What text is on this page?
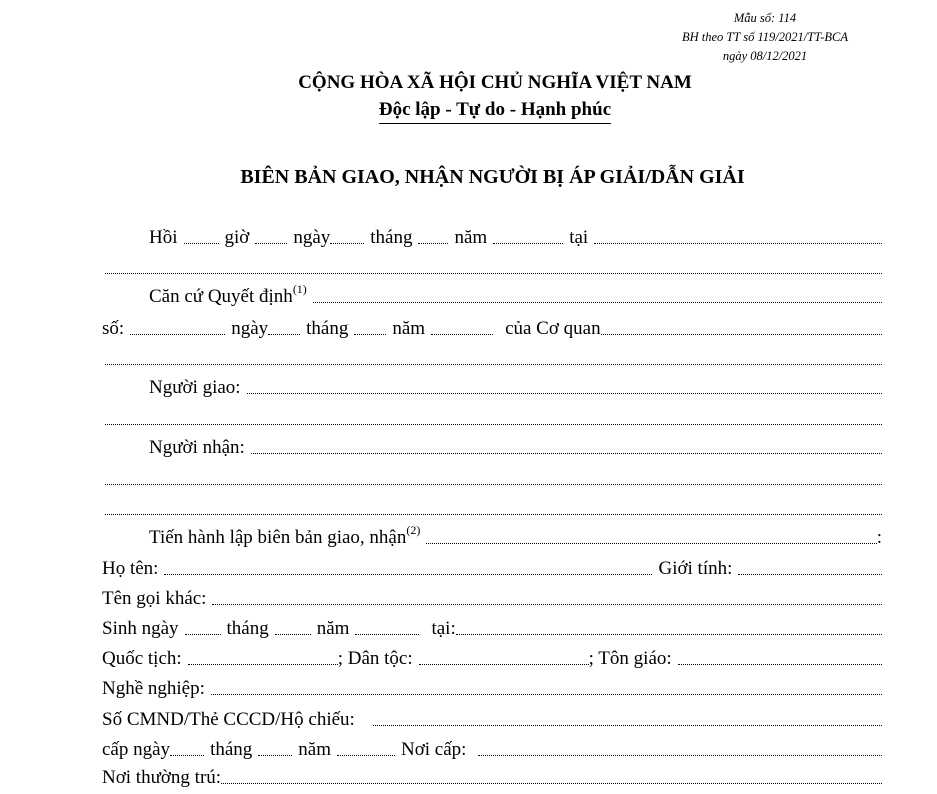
Mẫu số: 114
BH theo TT số 119/2021/TT-BCA
ngày 08/12/2021
CỘNG HÒA XÃ HỘI CHỦ NGHĨA VIỆT NAM
Độc lập - Tự do - Hạnh phúc
BIÊN BẢN GIAO, NHẬN NGƯỜI BỊ ÁP GIẢI/DẪN GIẢI
Hồi giờ ngày tháng năm	tại
Căn cứ Quyết định$^{(1)}$
số:	ngày tháng năm	của Cơ quan
Người giao:
Người nhận:
Tiến hành lập biên bản giao, nhận$^{(2)}$	:
Họ tên:	Giới tính:
Tên gọi khác:
Sinh ngày	tháng	năm	tại:
Quốc tịch:	; Dân tộc:	; Tôn giáo:
Nghề nghiệp:
Số CMND/Thẻ CCCD/Hộ chiếu:
cấp ngày tháng năm	Nơi cấp:
Nơi thường trú:
